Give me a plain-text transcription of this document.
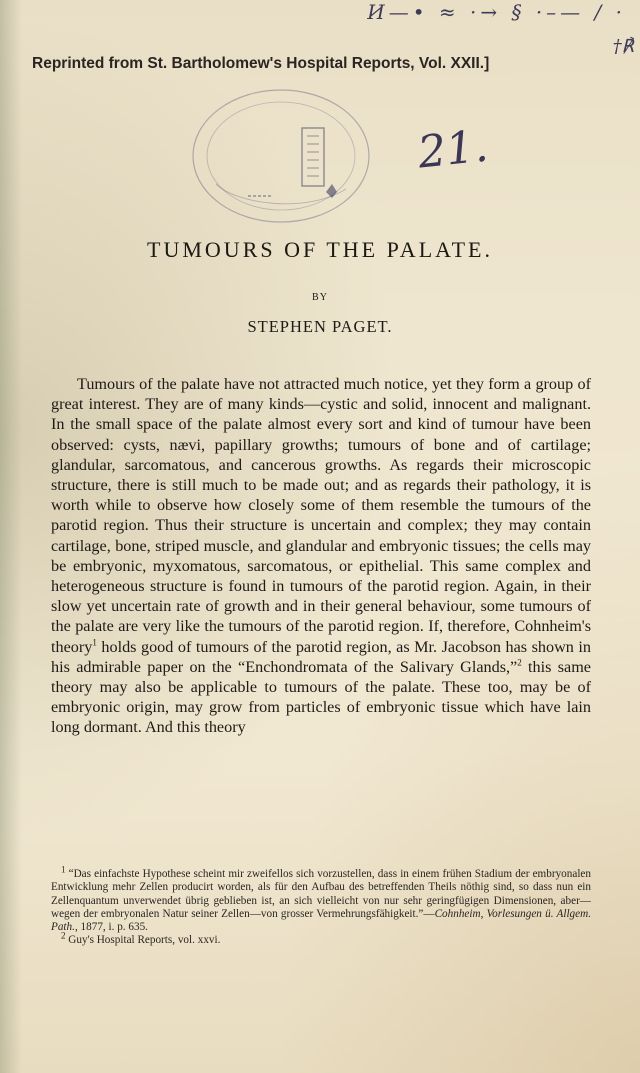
И—• ≈ ·→ § ·–— / ·
†℟
Reprinted from St. Bartholomew's Hospital Reports, Vol. XXII.]
21.
TUMOURS OF THE PALATE.
BY
STEPHEN PAGET.

Tumours of the palate have not attracted much notice, yet they form a group of great interest. They are of many kinds—cystic and solid, innocent and malignant. In the small space of the palate almost every sort and kind of tumour have been observed: cysts, nævi, papillary growths; tumours of bone and of cartilage; glandular, sarcomatous, and cancerous growths. As regards their microscopic structure, there is still much to be made out; and as regards their pathology, it is worth while to observe how closely some of them resemble the tumours of the parotid region. Thus their structure is uncertain and complex; they may contain cartilage, bone, striped muscle, and glandular and embryonic tissues; the cells may be embryonic, myxomatous, sarcomatous, or epithelial. This same complex and heterogeneous structure is found in tumours of the parotid region. Again, in their slow yet uncertain rate of growth and in their general behaviour, some tumours of the palate are very like the tumours of the parotid region. If, therefore, Cohnheim's theory$^1$ holds good of tumours of the parotid region, as Mr. Jacobson has shown in his admirable paper on the “Enchondromata of the Salivary Glands,”$^2$ this same theory may also be applicable to tumours of the palate. These too, may be of embryonic origin, may grow from particles of embryonic tissue which have lain long dormant. And this theory

$^1$ “Das einfachste Hypothese scheint mir zweifellos sich vorzustellen, dass in einem frühen Stadium der embryonalen Entwicklung mehr Zellen producirt worden, als für den Aufbau des betreffenden Theils nöthig sind, so dass nun ein Zellenquantum unverwendet übrig geblieben ist, an sich vielleicht von nur sehr geringfügigen Dimensionen, aber—wegen der embryonalen Natur seiner Zellen—von grosser Vermehrungsfähigkeit.”—Cohnheim, Vorlesungen ü. Allgem. Path., 1877, i. p. 635.

$^2$ Guy's Hospital Reports, vol. xxvi.
